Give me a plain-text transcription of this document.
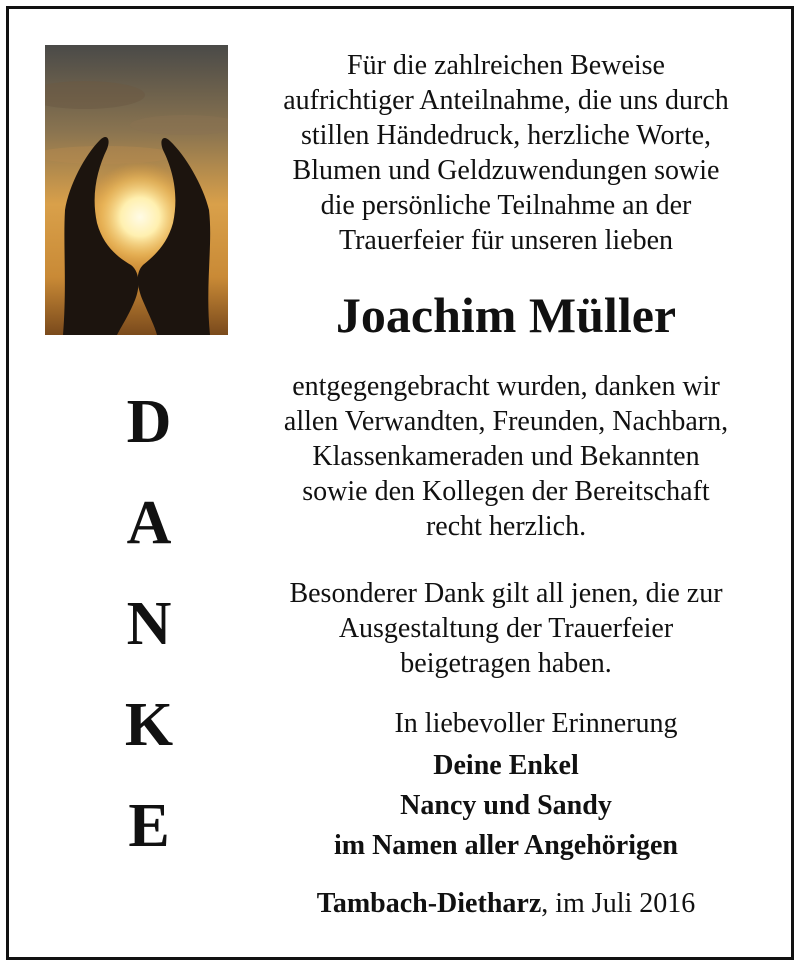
D
A
N
K
E
Für die zahlreichen Beweise
aufrichtiger Anteilnahme, die uns durch
stillen Händedruck, herzliche Worte,
Blumen und Geldzuwendungen sowie
die persönliche Teilnahme an der
Trauerfeier für unseren lieben
Joachim Müller
entgegengebracht wurden, danken wir
allen Verwandten, Freunden, Nachbarn,
Klassenkameraden und Bekannten
sowie den Kollegen der Bereitschaft
recht herzlich.
Besonderer Dank gilt all jenen, die zur
Ausgestaltung der Trauerfeier
beigetragen haben.
In liebevoller Erinnerung
Deine Enkel
Nancy und Sandy
im Namen aller Angehörigen
Tambach-Dietharz, im Juli 2016
